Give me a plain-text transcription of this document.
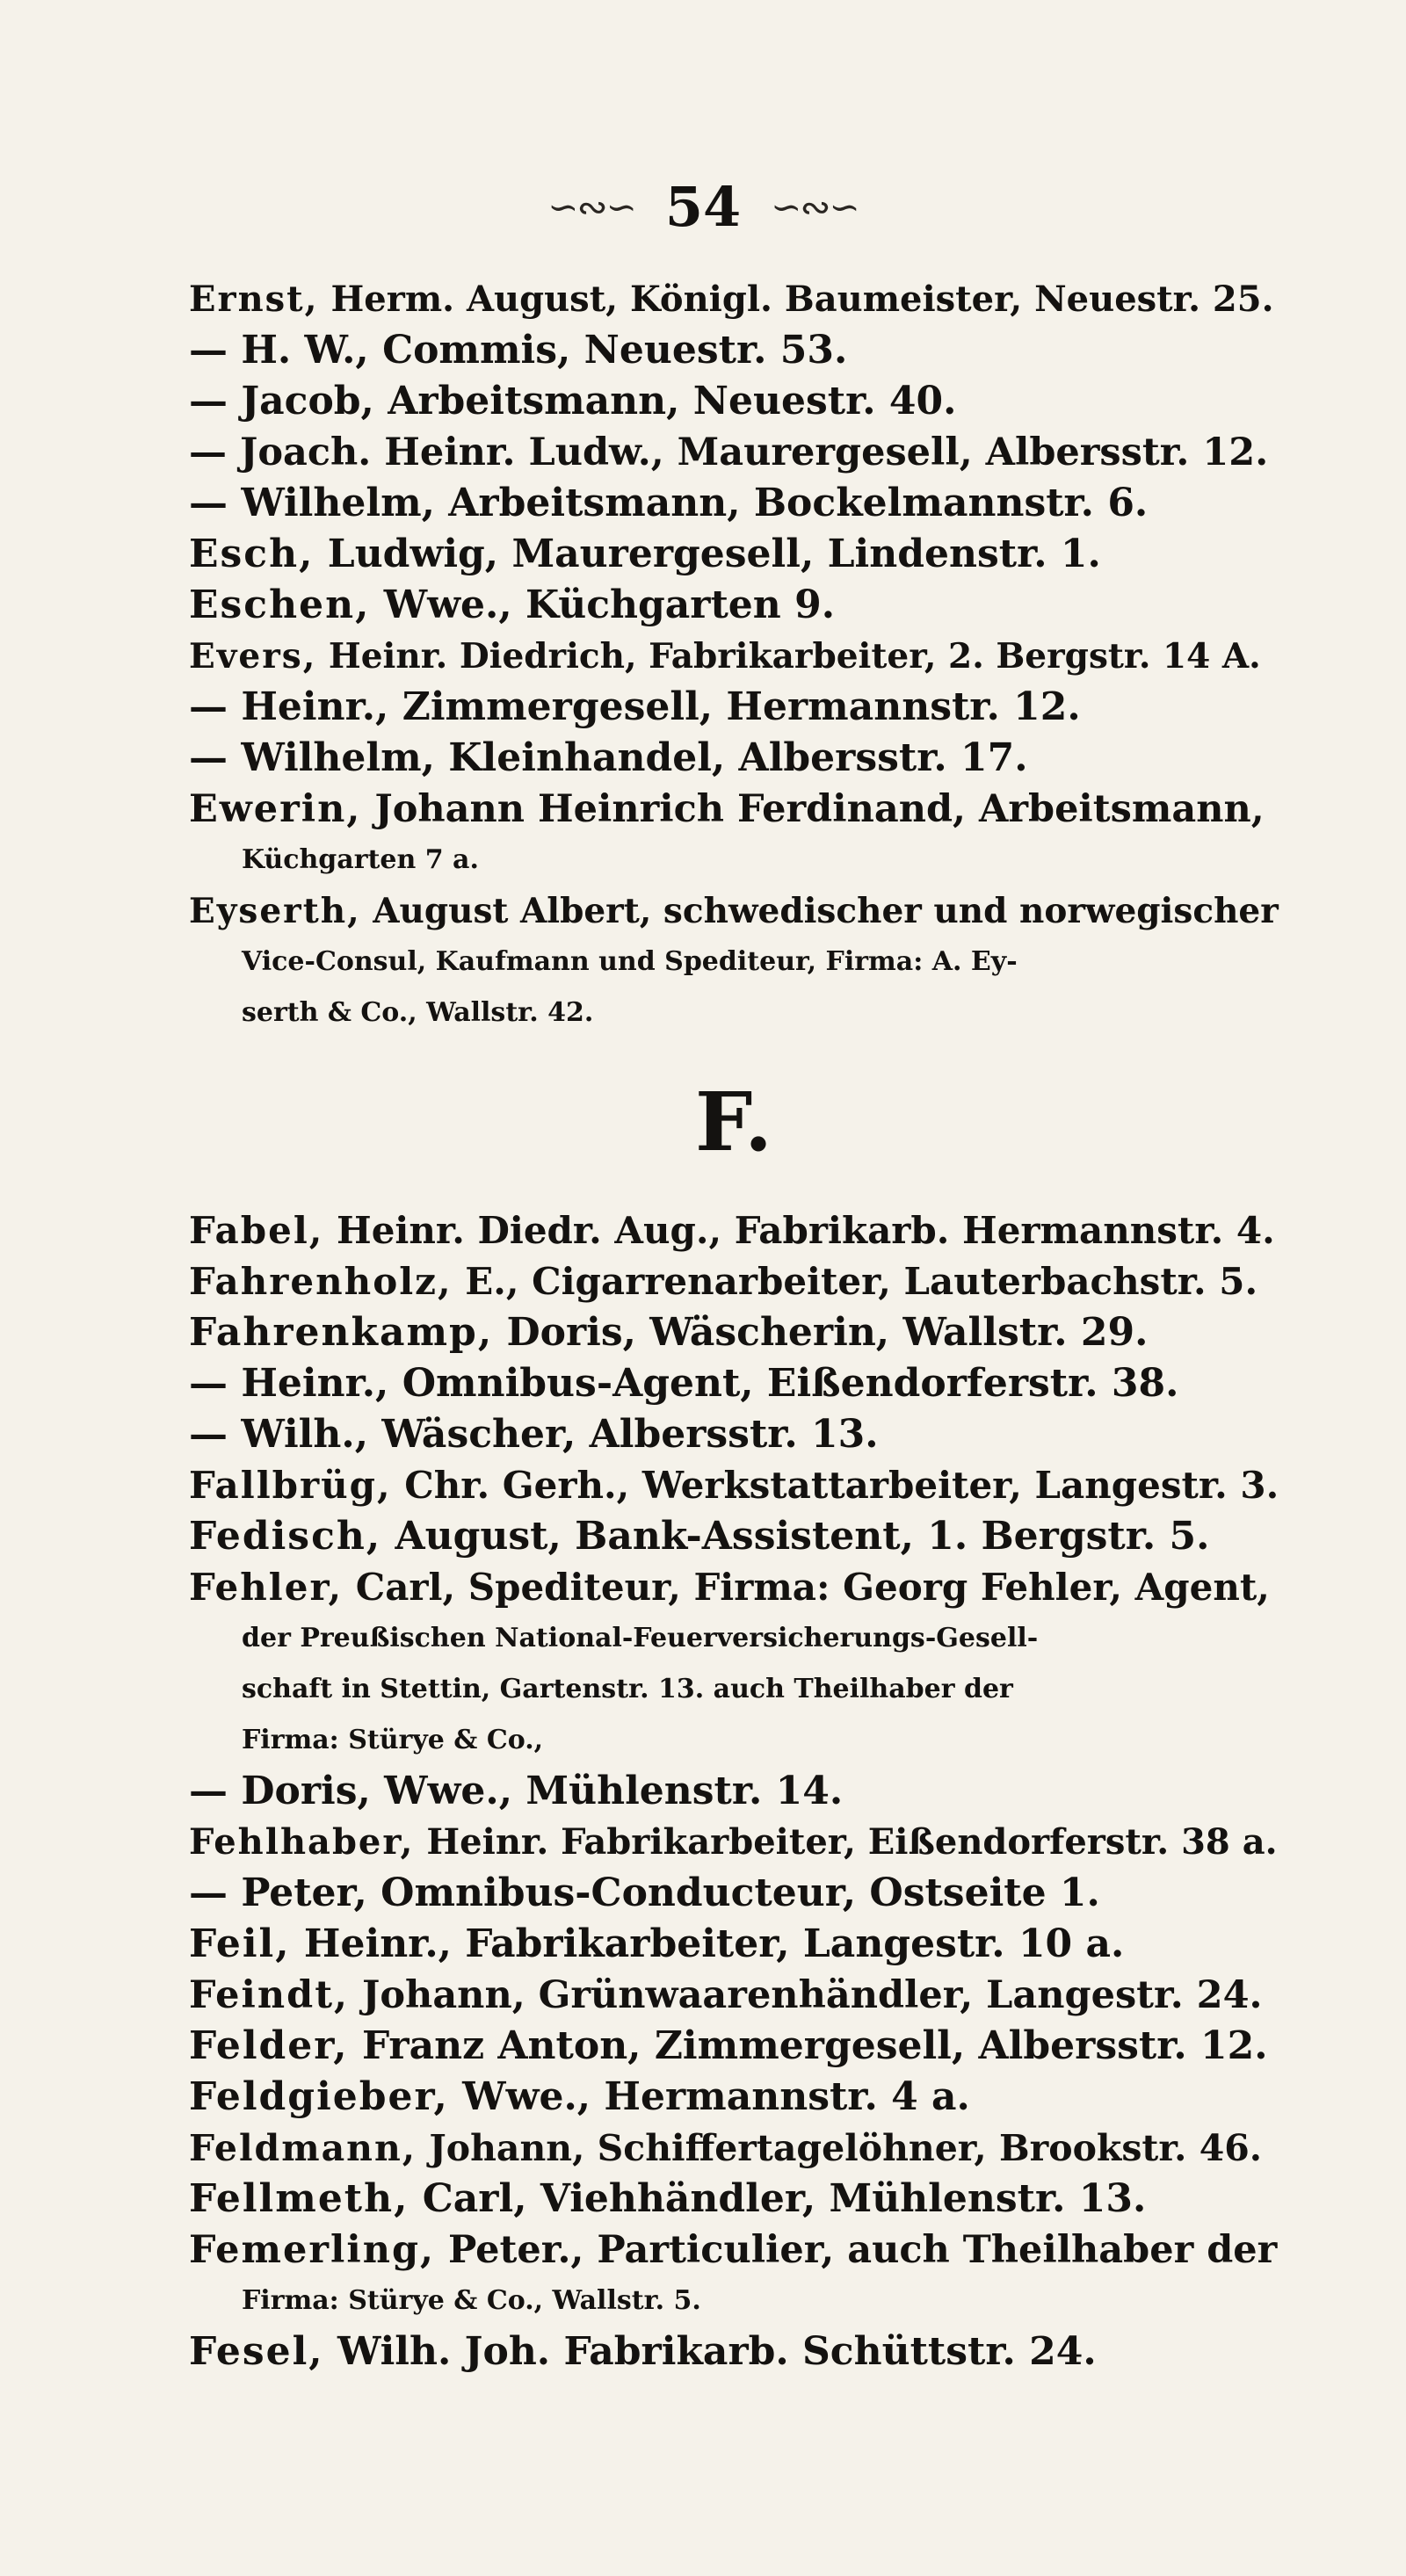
∽∾∽ 54 ∽∾∽
Ernst, Herm. August, Königl. Baumeister, Neuestr. 25.
— H. W., Commis, Neuestr. 53.
— Jacob, Arbeitsmann, Neuestr. 40.
— Joach. Heinr. Ludw., Maurergesell, Albersstr. 12.
— Wilhelm, Arbeitsmann, Bockelmannstr. 6.
Esch, Ludwig, Maurergesell, Lindenstr. 1.
Eschen, Wwe., Küchgarten 9.
Evers, Heinr. Diedrich, Fabrikarbeiter, 2. Bergstr. 14 A.
— Heinr., Zimmergesell, Hermannstr. 12.
— Wilhelm, Kleinhandel, Albersstr. 17.
Ewerin, Johann Heinrich Ferdinand, Arbeitsmann,
Küchgarten 7 a.
Eyserth, August Albert, schwedischer und norwegischer
Vice-Consul, Kaufmann und Spediteur, Firma: A. Ey-
serth & Co., Wallstr. 42.
F.
Fabel, Heinr. Diedr. Aug., Fabrikarb. Hermannstr. 4.
Fahrenholz, E., Cigarrenarbeiter, Lauterbachstr. 5.
Fahrenkamp, Doris, Wäscherin, Wallstr. 29.
— Heinr., Omnibus-Agent, Eißendorferstr. 38.
— Wilh., Wäscher, Albersstr. 13.
Fallbrüg, Chr. Gerh., Werkstattarbeiter, Langestr. 3.
Fedisch, August, Bank-Assistent, 1. Bergstr. 5.
Fehler, Carl, Spediteur, Firma: Georg Fehler, Agent,
der Preußischen National-Feuerversicherungs-Gesell-
schaft in Stettin, Gartenstr. 13. auch Theilhaber der
Firma: Stürye & Co.,
— Doris, Wwe., Mühlenstr. 14.
Fehlhaber, Heinr. Fabrikarbeiter, Eißendorferstr. 38 a.
— Peter, Omnibus-Conducteur, Ostseite 1.
Feil, Heinr., Fabrikarbeiter, Langestr. 10 a.
Feindt, Johann, Grünwaarenhändler, Langestr. 24.
Felder, Franz Anton, Zimmergesell, Albersstr. 12.
Feldgieber, Wwe., Hermannstr. 4 a.
Feldmann, Johann, Schiffertagelöhner, Brookstr. 46.
Fellmeth, Carl, Viehhändler, Mühlenstr. 13.
Femerling, Peter., Particulier, auch Theilhaber der
Firma: Stürye & Co., Wallstr. 5.
Fesel, Wilh. Joh. Fabrikarb. Schüttstr. 24.
